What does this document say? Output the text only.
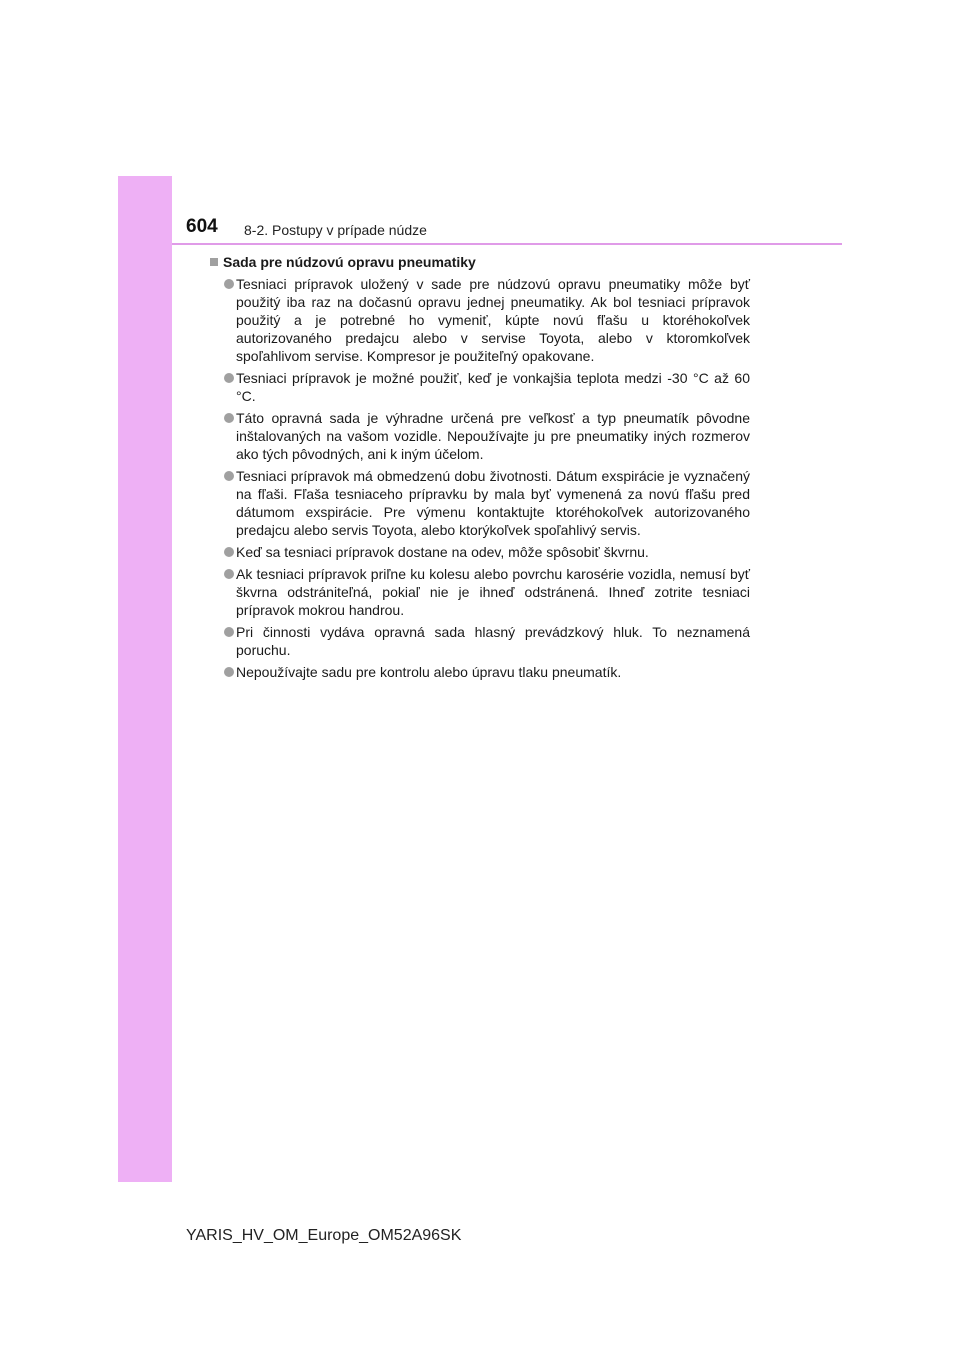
604 8-2. Postupy v prípade núdze
Sada pre núdzovú opravu pneumatiky
Tesniaci prípravok uložený v sade pre núdzovú opravu pneumatiky môže byť použitý iba raz na dočasnú opravu jednej pneumatiky. Ak bol tesniaci prípravok použitý a je potrebné ho vymeniť, kúpte novú fľašu u ktoréhokoľvek autorizovaného predajcu alebo v servise Toyota, alebo v ktoromkoľvek spoľahlivom servise. Kompresor je použiteľný opakovane.
Tesniaci prípravok je možné použiť, keď je vonkajšia teplota medzi -30 °C až 60 °C.
Táto opravná sada je výhradne určená pre veľkosť a typ pneumatík pôvodne inštalovaných na vašom vozidle. Nepoužívajte ju pre pneumatiky iných rozmerov ako tých pôvodných, ani k iným účelom.
Tesniaci prípravok má obmedzenú dobu životnosti. Dátum exspirácie je vyznačený na fľaši. Fľaša tesniaceho prípravku by mala byť vymenená za novú fľašu pred dátumom exspirácie. Pre výmenu kontaktujte ktoréhokoľvek autorizovaného predajcu alebo servis Toyota, alebo ktorýkoľvek spoľahlivý servis.
Keď sa tesniaci prípravok dostane na odev, môže spôsobiť škvrnu.
Ak tesniaci prípravok priľne ku kolesu alebo povrchu karosérie vozidla, nemusí byť škvrna odstrániteľná, pokiaľ nie je ihneď odstránená. Ihneď zotrite tesniaci prípravok mokrou handrou.
Pri činnosti vydáva opravná sada hlasný prevádzkový hluk. To neznamená poruchu.
Nepoužívajte sadu pre kontrolu alebo úpravu tlaku pneumatík.
YARIS_HV_OM_Europe_OM52A96SK
